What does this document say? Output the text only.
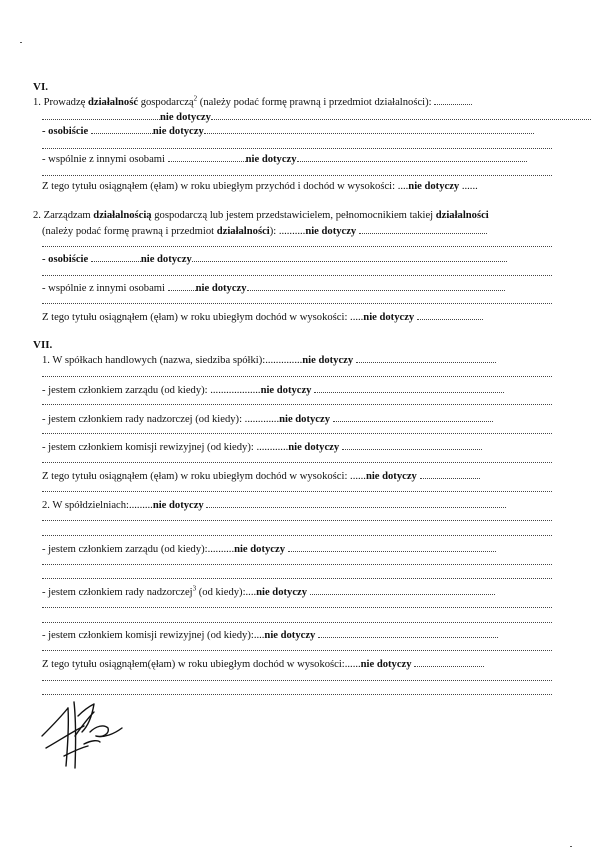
VI.
1. Prowadzę działalność gospodarczą$^2$ (należy podać formę prawną i przedmiot działalności):
nie dotyczy
- osobiście	nie dotyczy
- wspólnie z innymi osobami	nie dotyczy
Z tego tytułu osiągnąłem (ęłam) w roku ubiegłym przychód i dochód w wysokości: ....nie dotyczy ......
2. Zarządzam działalnością gospodarczą lub jestem przedstawicielem, pełnomocnikiem takiej działalności
(należy podać formę prawną i przedmiot działalności): ..........nie dotyczy
- osobiście	nie dotyczy
- wspólnie z innymi osobami	nie dotyczy
Z tego tytułu osiągnąłem (ęłam) w roku ubiegłym dochód w wysokości: .....nie dotyczy
VII.
1. W spółkach handlowych (nazwa, siedziba spółki):..............nie dotyczy
- jestem członkiem zarządu (od kiedy): ...................nie dotyczy
- jestem członkiem rady nadzorczej (od kiedy): .............nie dotyczy
- jestem członkiem komisji rewizyjnej (od kiedy): ............nie dotyczy
Z tego tytułu osiągnąłem (ęłam) w roku ubiegłym dochód w wysokości: ......nie dotyczy
2. W spółdzielniach:.........nie dotyczy
- jestem członkiem zarządu (od kiedy):..........nie dotyczy
- jestem członkiem rady nadzorczej$^3$ (od kiedy):....nie dotyczy
- jestem członkiem komisji rewizyjnej (od kiedy):....nie dotyczy
Z tego tytułu osiągnąłem(ęłam) w roku ubiegłym dochód w wysokości:......nie dotyczy
